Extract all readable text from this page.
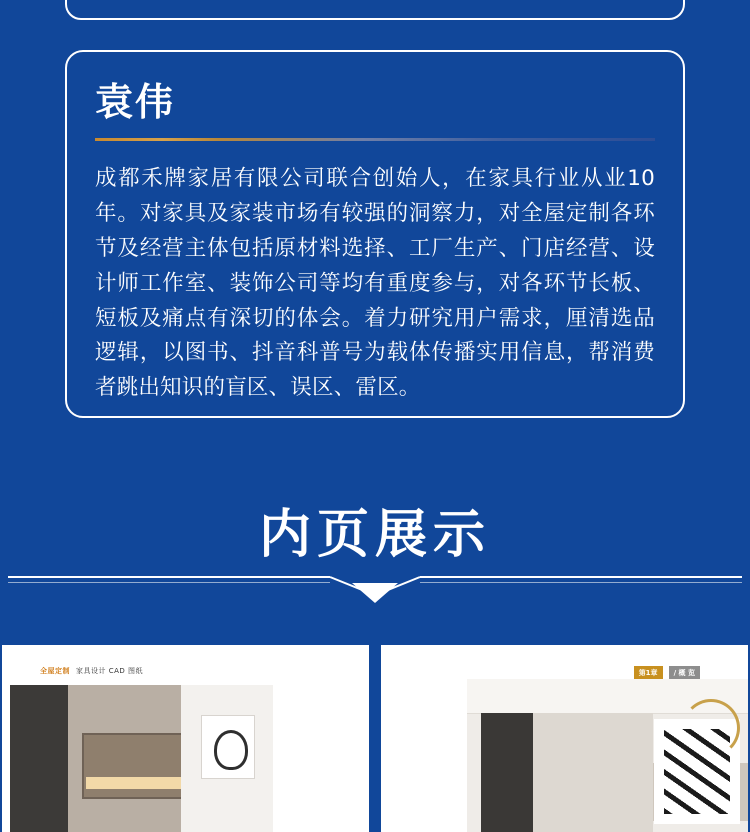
袁伟

成都禾牌家居有限公司联合创始人，在家具行业从业10年。对家具及家装市场有较强的洞察力，对全屋定制各环节及经营主体包括原材料选择、工厂生产、门店经营、设计师工作室、装饰公司等均有重度参与，对各环节长板、短板及痛点有深切的体会。着力研究用户需求，厘清选品逻辑，以图书、抖音科普号为载体传播实用信息，帮消费者跳出知识的盲区、误区、雷区。

内页展示
全屋定制 家具设计 CAD 图纸	第1章	/ 概 览
